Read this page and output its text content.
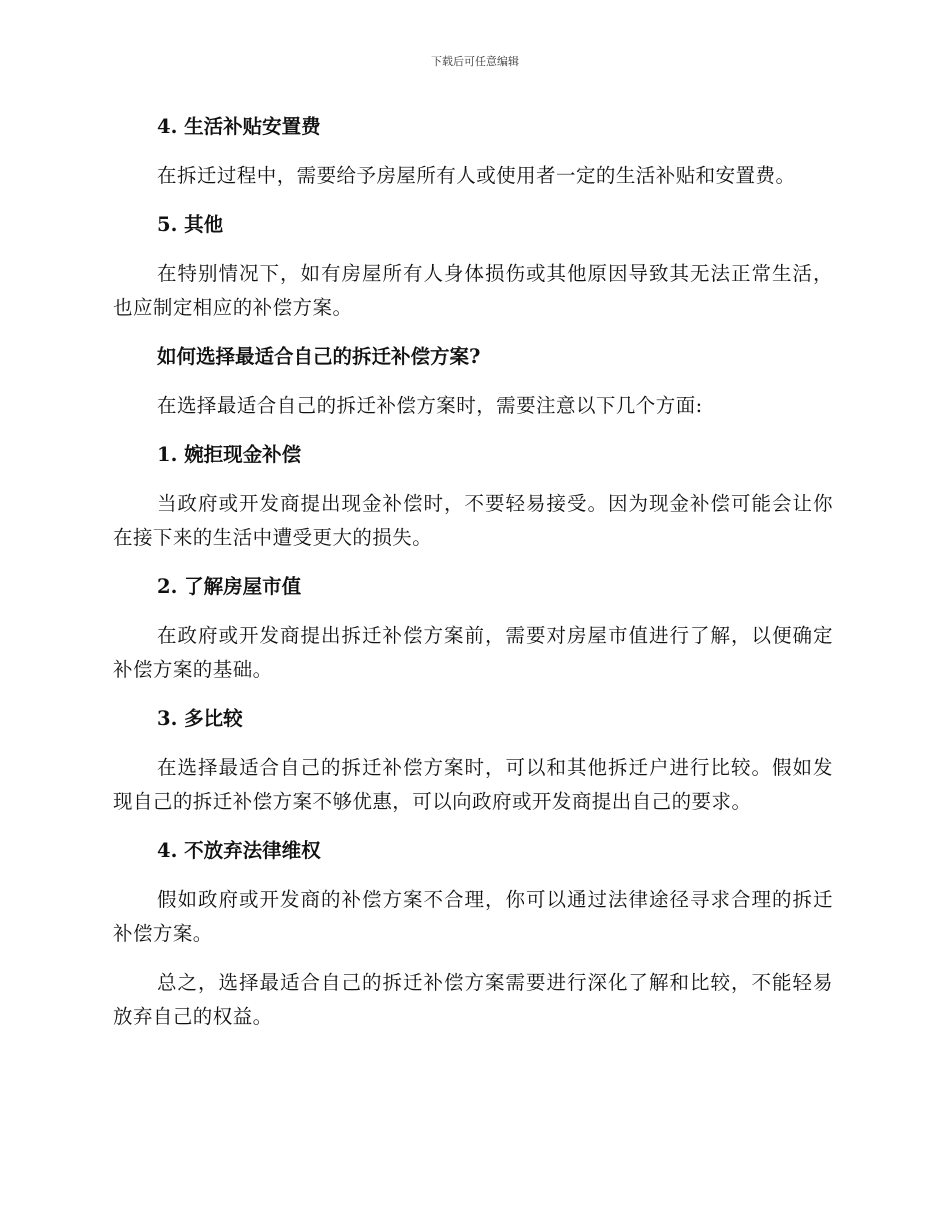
下载后可任意编辑
4. 生活补贴安置费
在拆迁过程中，需要给予房屋所有人或使用者一定的生活补贴和安置费。
5. 其他
在特别情况下，如有房屋所有人身体损伤或其他原因导致其无法正常生活，也应制定相应的补偿方案。
如何选择最适合自己的拆迁补偿方案?
在选择最适合自己的拆迁补偿方案时，需要注意以下几个方面:
1. 婉拒现金补偿
当政府或开发商提出现金补偿时，不要轻易接受。因为现金补偿可能会让你在接下来的生活中遭受更大的损失。
2. 了解房屋市值
在政府或开发商提出拆迁补偿方案前，需要对房屋市值进行了解，以便确定补偿方案的基础。
3. 多比较
在选择最适合自己的拆迁补偿方案时，可以和其他拆迁户进行比较。假如发现自己的拆迁补偿方案不够优惠，可以向政府或开发商提出自己的要求。
4. 不放弃法律维权
假如政府或开发商的补偿方案不合理，你可以通过法律途径寻求合理的拆迁补偿方案。
总之，选择最适合自己的拆迁补偿方案需要进行深化了解和比较，不能轻易放弃自己的权益。
